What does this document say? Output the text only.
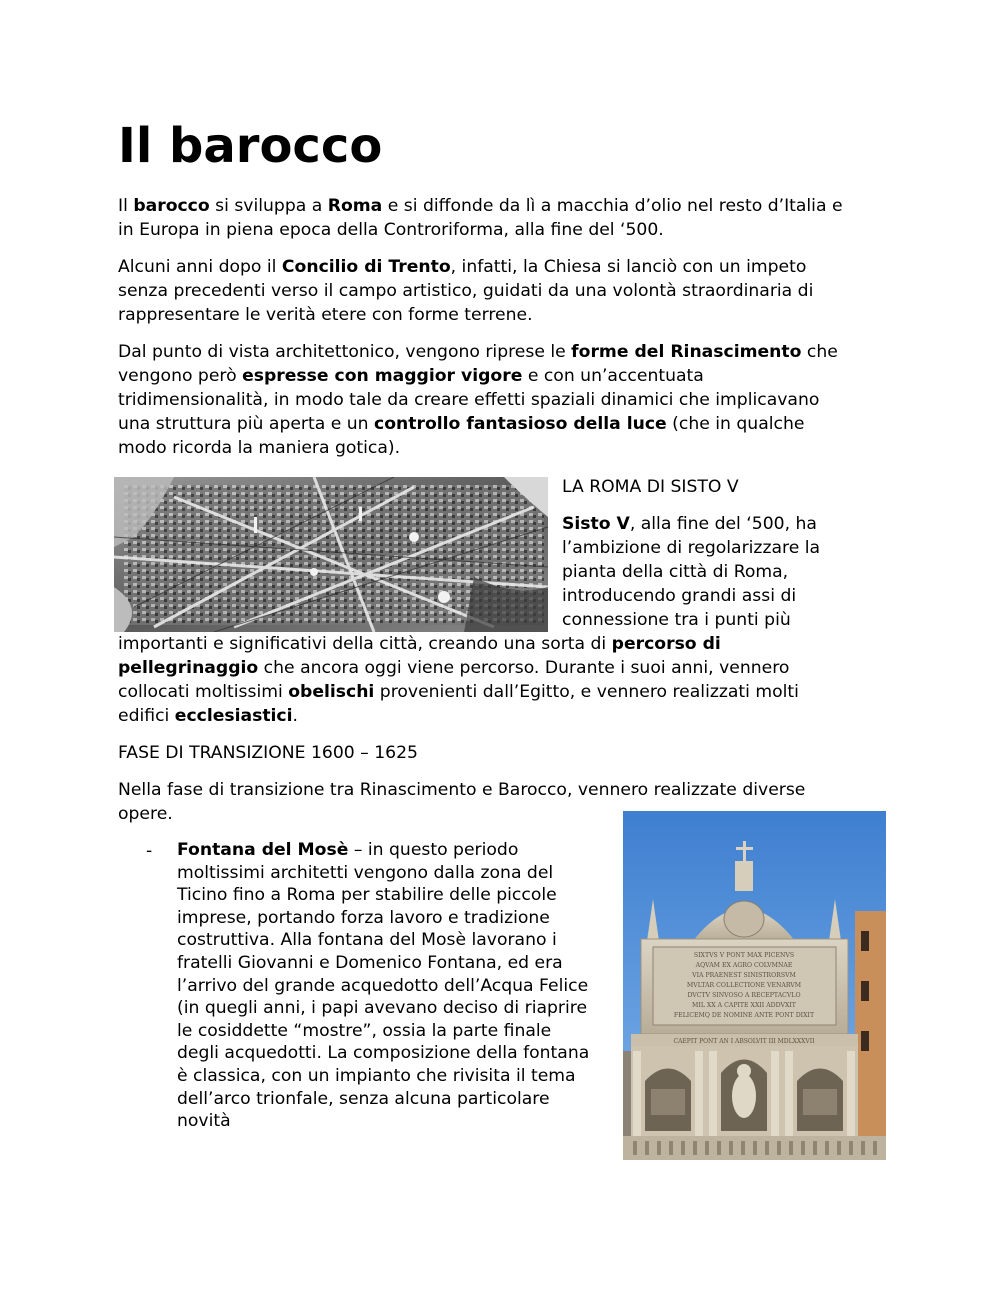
Il barocco

Il barocco si sviluppa a Roma e si diffonde da lì a macchia d’olio nel resto d’Italia e
in Europa in piena epoca della Controriforma, alla fine del ‘500.

Alcuni anni dopo il Concilio di Trento, infatti, la Chiesa si lanciò con un impeto
senza precedenti verso il campo artistico, guidati da una volontà straordinaria di
rappresentare le verità etere con forme terrene.

Dal punto di vista architettonico, vengono riprese le forme del Rinascimento che
vengono però espresse con maggior vigore e con un’accentuata
tridimensionalità, in modo tale da creare effetti spaziali dinamici che implicavano
una struttura più aperta e un controllo fantasioso della luce (che in qualche
modo ricorda la maniera gotica).

LA ROMA DI SISTO V

Sisto V, alla fine del ‘500, ha
l’ambizione di regolarizzare la
pianta della città di Roma,
introducendo grandi assi di
connessione tra i punti più

importanti e significativi della città, creando una sorta di percorso di
pellegrinaggio che ancora oggi viene percorso. Durante i suoi anni, vennero
collocati moltissimi obelischi provenienti dall’Egitto, e vennero realizzati molti
edifici ecclesiastici.

FASE DI TRANSIZIONE 1600 – 1625

Nella fase di transizione tra Rinascimento e Barocco, vennero realizzate diverse
opere.

SIXTVS V PONT MAX PICENVS
AQVAM EX AGRO COLVMNAE
VIA PRAENEST SINISTRORSVM
MVLTAR COLLECTIONE VENARVM
DVCTV SINVOSO A RECEPTACVLO
MIL XX A CAPITE XXII ADDVXIT
FELICEMQ DE NOMINE ANTE PONT DIXIT
CAEPIT PONT AN I ABSOLVIT III MDLXXXVII
- Fontana del Mosè – in questo periodo
moltissimi architetti vengono dalla zona del
Ticino fino a Roma per stabilire delle piccole
imprese, portando forza lavoro e tradizione
costruttiva. Alla fontana del Mosè lavorano i
fratelli Giovanni e Domenico Fontana, ed era
l’arrivo del grande acquedotto dell’Acqua Felice
(in quegli anni, i papi avevano deciso di riaprire
le cosiddette “mostre”, ossia la parte finale
degli acquedotti. La composizione della fontana
è classica, con un impianto che rivisita il tema
dell’arco trionfale, senza alcuna particolare
novità
